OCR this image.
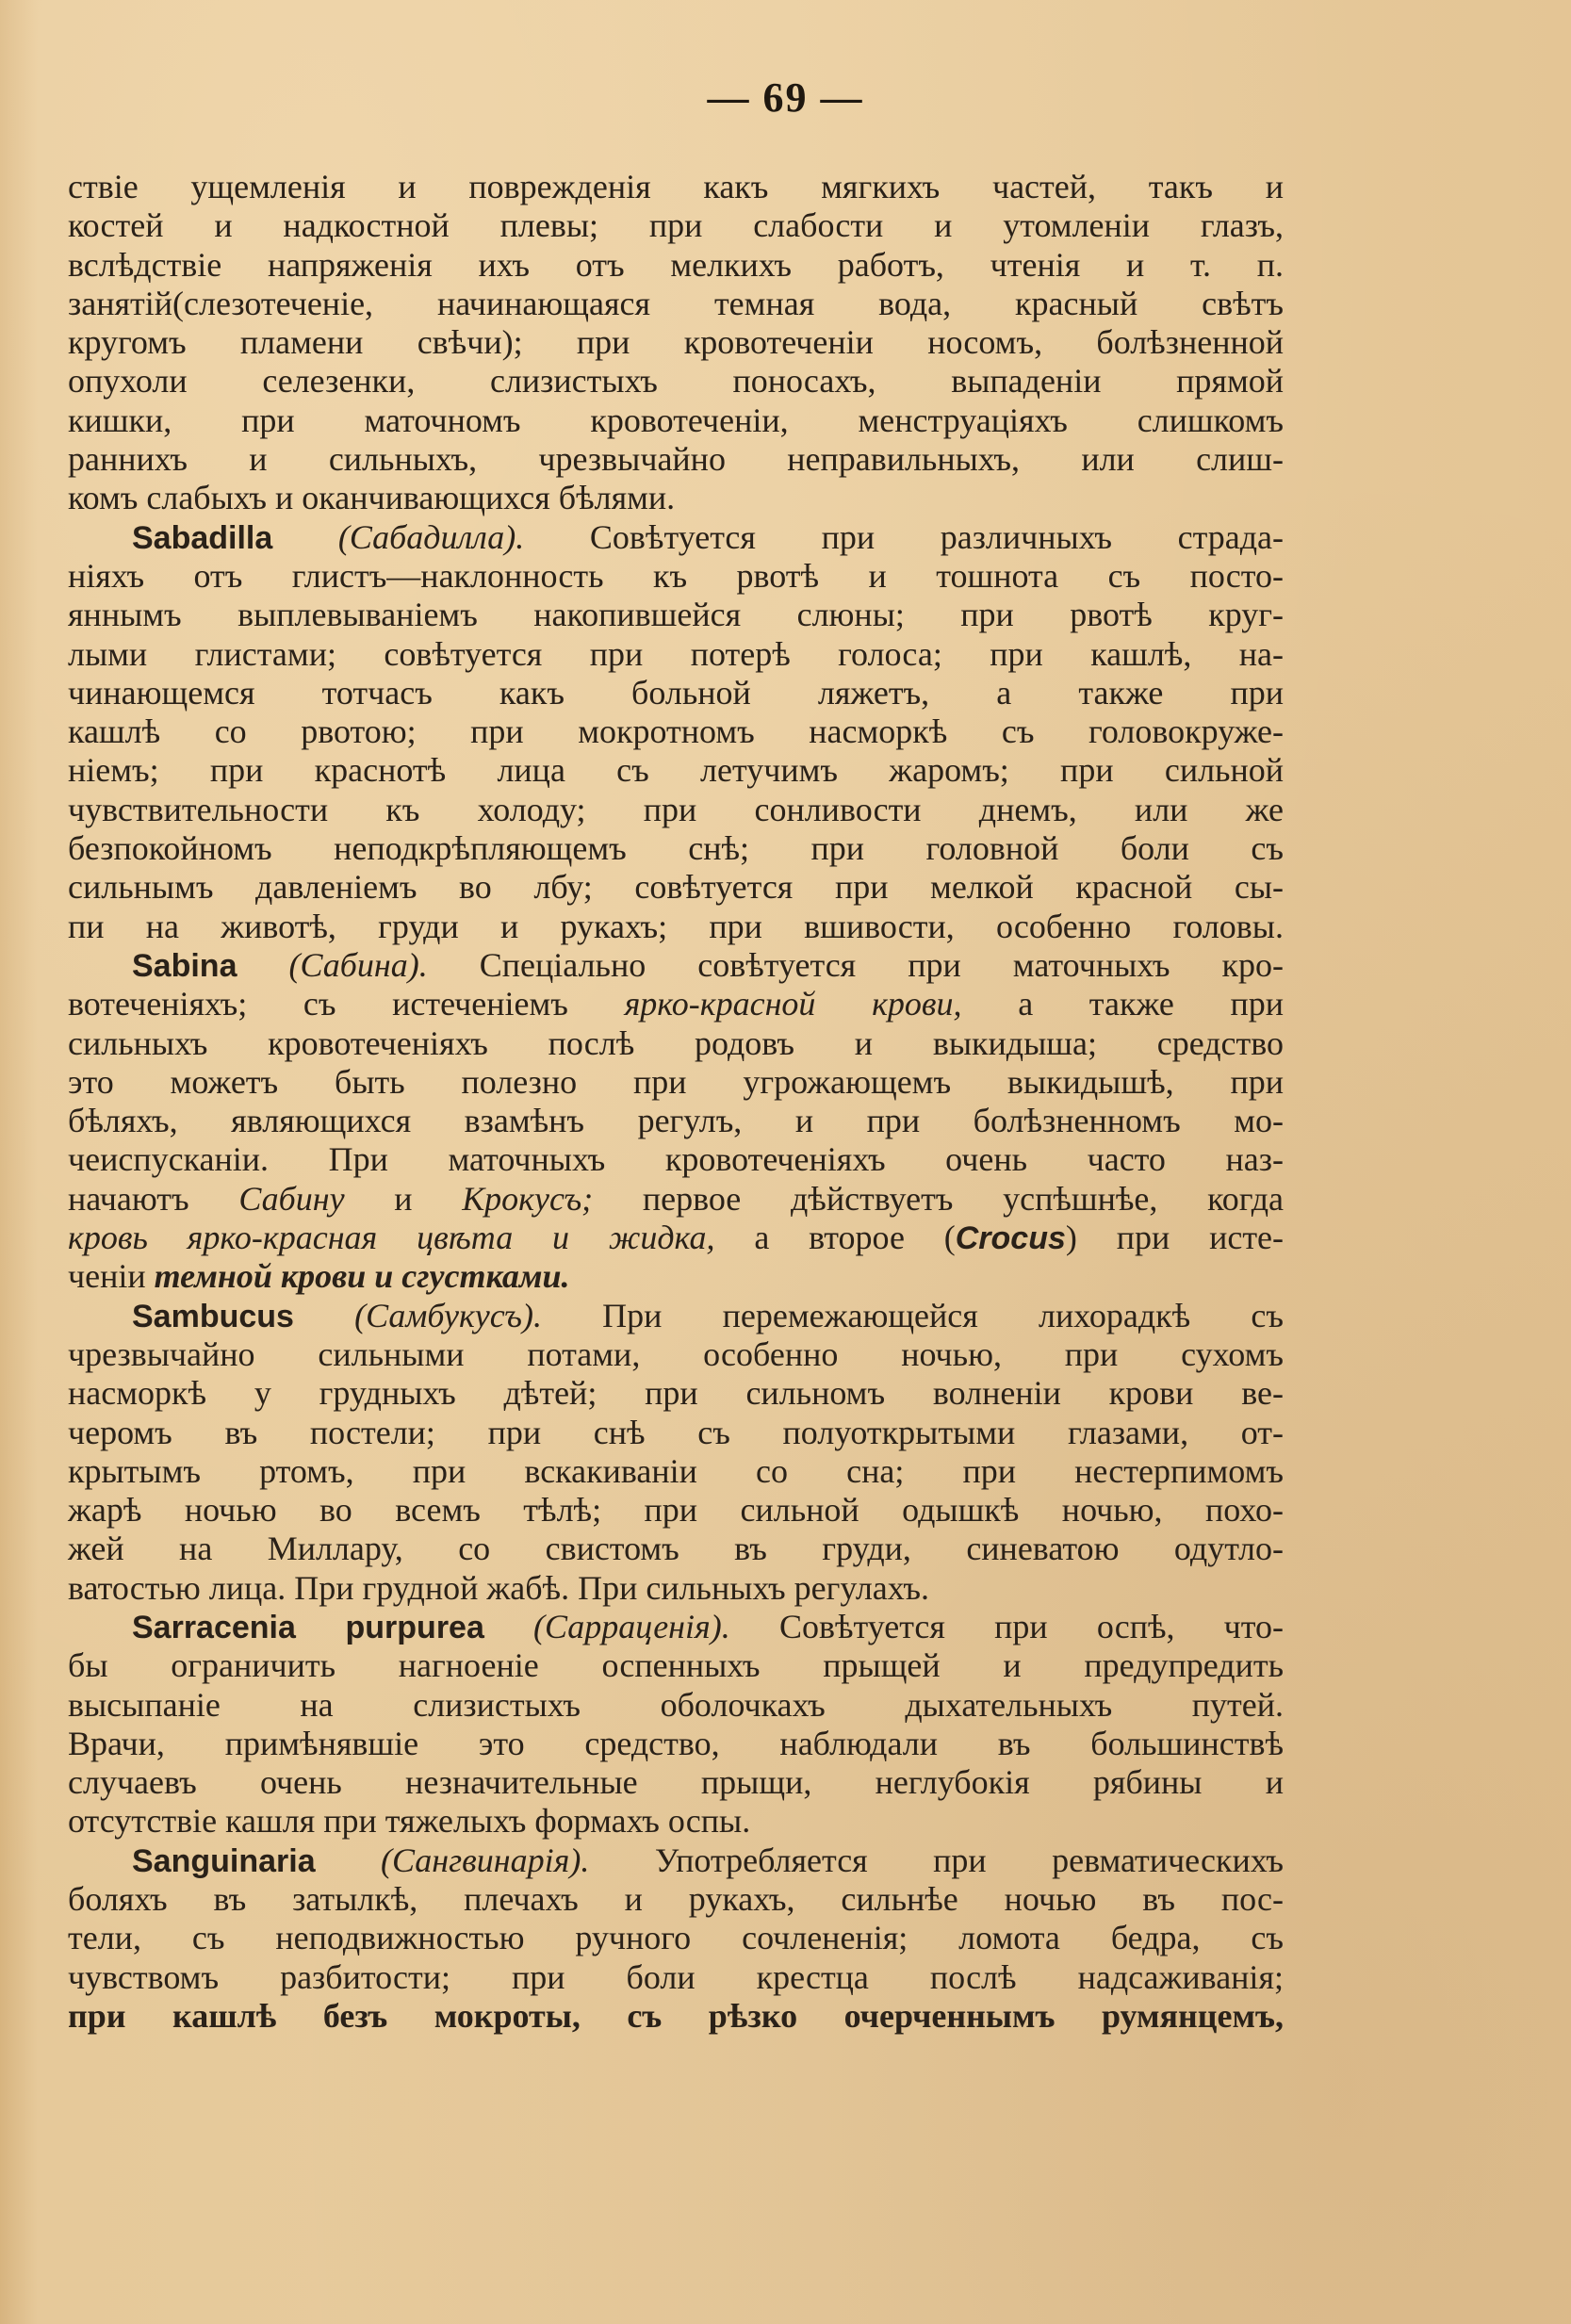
— 69 —
ствіе ущемленія и поврежденія какъ мягкихъ частей, такъ и
костей и надкостной плевы; при слабости и утомленіи глазъ,
вслѣдствіе напряженія ихъ отъ мелкихъ работъ, чтенія и т. п.
занятій(слезотеченіе, начинающаяся темная вода, красный свѣтъ
кругомъ пламени свѣчи); при кровотеченіи носомъ, болѣзненной
опухоли селезенки, слизистыхъ поносахъ, выпаденіи прямой
кишки, при маточномъ кровотеченіи, менструаціяхъ слишкомъ
раннихъ и сильныхъ, чрезвычайно неправильныхъ, или слиш-
комъ слабыхъ и оканчивающихся бѣлями.
Sabadilla (Сабадилла). Совѣтуется при различныхъ страда-
ніяхъ отъ глистъ—наклонность къ рвотѣ и тошнота съ посто-
яннымъ выплевываніемъ накопившейся слюны; при рвотѣ круг-
лыми глистами; совѣтуется при потерѣ голоса; при кашлѣ, на-
чинающемся тотчасъ какъ больной ляжетъ, а также при
кашлѣ со рвотою; при мокротномъ насморкѣ съ головокруже-
ніемъ; при краснотѣ лица съ летучимъ жаромъ; при сильной
чувствительности къ холоду; при сонливости днемъ, или же
безпокойномъ неподкрѣпляющемъ снѣ; при головной боли съ
сильнымъ давленіемъ во лбу; совѣтуется при мелкой красной сы-
пи на животѣ, груди и рукахъ; при вшивости, особенно головы.
Sabina (Сабина). Спеціально совѣтуется при маточныхъ кро-
вотеченіяхъ; съ истеченіемъ ярко-красной крови, а также при
сильныхъ кровотеченіяхъ послѣ родовъ и выкидыша; средство
это можетъ быть полезно при угрожающемъ выкидышѣ, при
бѣляхъ, являющихся взамѣнъ регулъ, и при болѣзненномъ мо-
чеиспусканіи. При маточныхъ кровотеченіяхъ очень часто наз-
начаютъ Сабину и Крокусъ; первое дѣйствуетъ успѣшнѣе, когда
кровь ярко-красная цвѣта и жидка, а второе (Crocus) при исте-
ченіи темной крови и сгустками.
Sambucus (Самбукусъ). При перемежающейся лихорадкѣ съ
чрезвычайно сильными потами, особенно ночью, при сухомъ
насморкѣ у грудныхъ дѣтей; при сильномъ волненіи крови ве-
черомъ въ постели; при снѣ съ полуоткрытыми глазами, от-
крытымъ ртомъ, при вскакиваніи со сна; при нестерпимомъ
жарѣ ночью во всемъ тѣлѣ; при сильной одышкѣ ночью, похо-
жей на Миллару, со свистомъ въ груди, синеватою одутло-
ватостью лица. При грудной жабѣ. При сильныхъ регулахъ.
Sarracenia purpurea (Сарраценія). Совѣтуется при оспѣ, что-
бы ограничить нагноеніе оспенныхъ прыщей и предупредить
высыпаніе на слизистыхъ оболочкахъ дыхательныхъ путей.
Врачи, примѣнявшіе это средство, наблюдали въ большинствѣ
случаевъ очень незначительные прыщи, неглубокія рябины и
отсутствіе кашля при тяжелыхъ формахъ оспы.
Sanguinaria (Сангвинарія). Употребляется при ревматическихъ
боляхъ въ затылкѣ, плечахъ и рукахъ, сильнѣе ночью въ пос-
тели, съ неподвижностью ручного сочлененія; ломота бедра, съ
чувствомъ разбитости; при боли крестца послѣ надсаживанія;
при кашлѣ безъ мокроты, съ рѣзко очерченнымъ румянцемъ,
